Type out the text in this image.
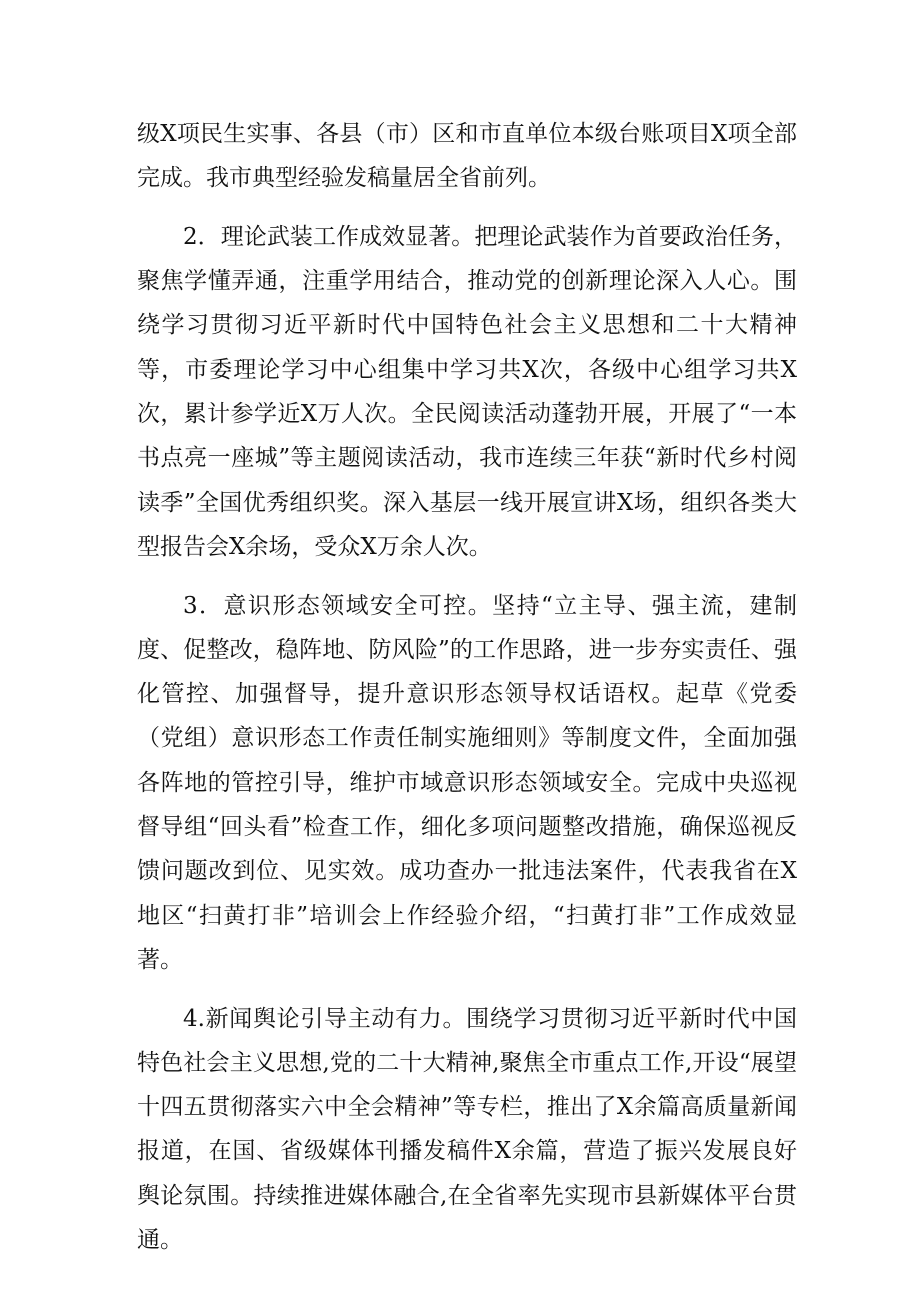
级X项民生实事、各县（市）区和市直单位本级台账项目X项全部完成。我市典型经验发稿量居全省前列。

2．理论武装工作成效显著。把理论武装作为首要政治任务，聚焦学懂弄通，注重学用结合，推动党的创新理论深入人心。围绕学习贯彻习近平新时代中国特色社会主义思想和二十大精神等，市委理论学习中心组集中学习共X次，各级中心组学习共X次，累计参学近X万人次。全民阅读活动蓬勃开展，开展了“一本书点亮一座城”等主题阅读活动，我市连续三年获“新时代乡村阅读季”全国优秀组织奖。深入基层一线开展宣讲X场，组织各类大型报告会X余场，受众X万余人次。

3．意识形态领域安全可控。坚持“立主导、强主流，建制度、促整改，稳阵地、防风险”的工作思路，进一步夯实责任、强化管控、加强督导，提升意识形态领导权话语权。起草《党委（党组）意识形态工作责任制实施细则》等制度文件，全面加强各阵地的管控引导，维护市域意识形态领域安全。完成中央巡视督导组“回头看”检查工作，细化多项问题整改措施，确保巡视反馈问题改到位、见实效。成功查办一批违法案件，代表我省在X地区“扫黄打非”培训会上作经验介绍，“扫黄打非”工作成效显著。

4.新闻舆论引导主动有力。围绕学习贯彻习近平新时代中国特色社会主义思想,党的二十大精神,聚焦全市重点工作,开设“展望十四五贯彻落实六中全会精神”等专栏，推出了X余篇高质量新闻报道，在国、省级媒体刊播发稿件X余篇，营造了振兴发展良好舆论氛围。持续推进媒体融合,在全省率先实现市县新媒体平台贯通。
